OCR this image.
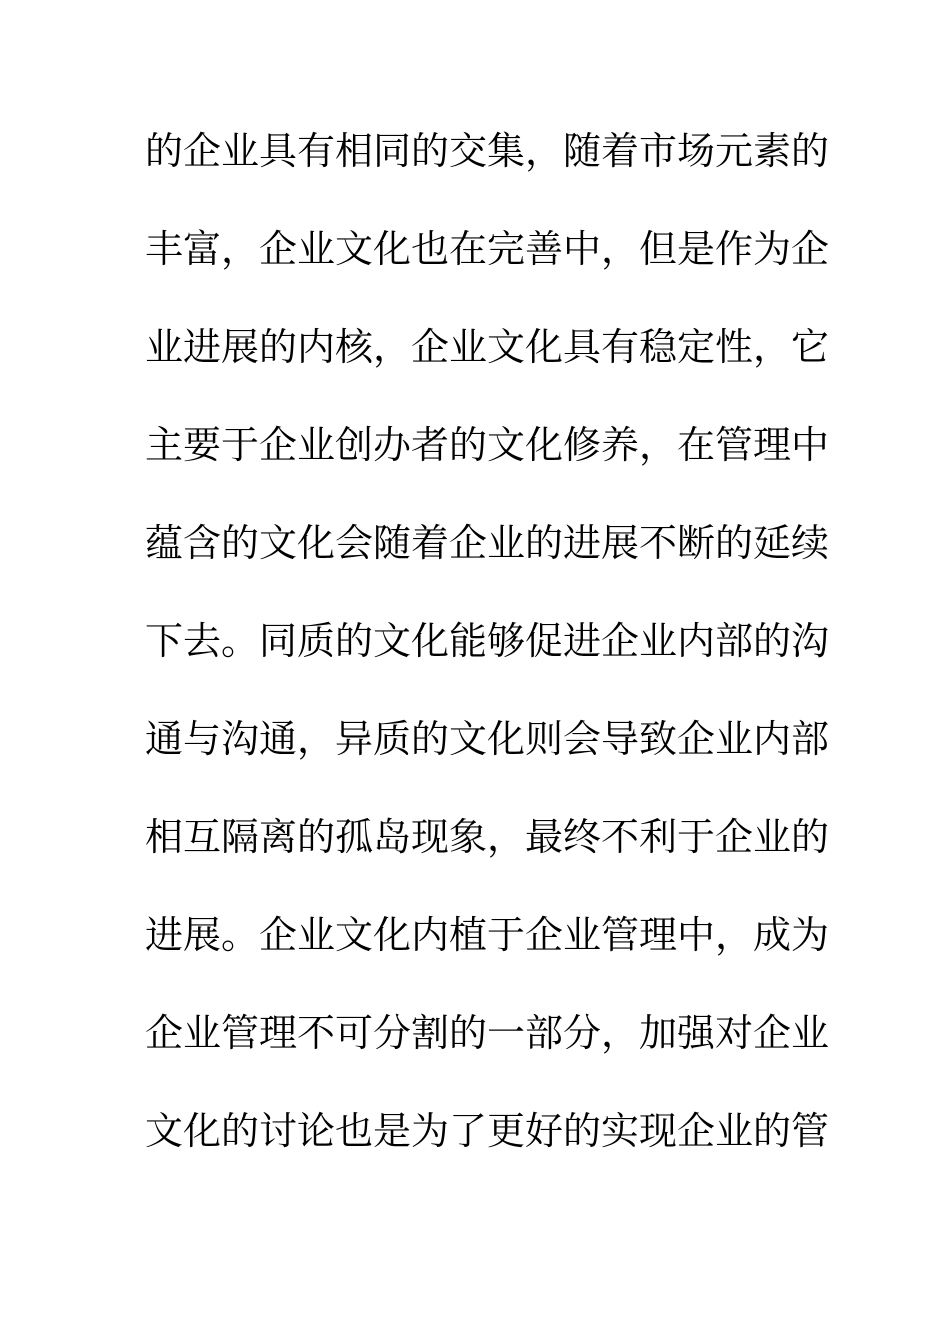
的企业具有相同的交集，随着市场元素的
丰富，企业文化也在完善中，但是作为企
业进展的内核，企业文化具有稳定性，它
主要于企业创办者的文化修养，在管理中
蕴含的文化会随着企业的进展不断的延续
下去。同质的文化能够促进企业内部的沟
通与沟通，异质的文化则会导致企业内部
相互隔离的孤岛现象，最终不利于企业的
进展。企业文化内植于企业管理中，成为
企业管理不可分割的一部分，加强对企业
文化的讨论也是为了更好的实现企业的管
